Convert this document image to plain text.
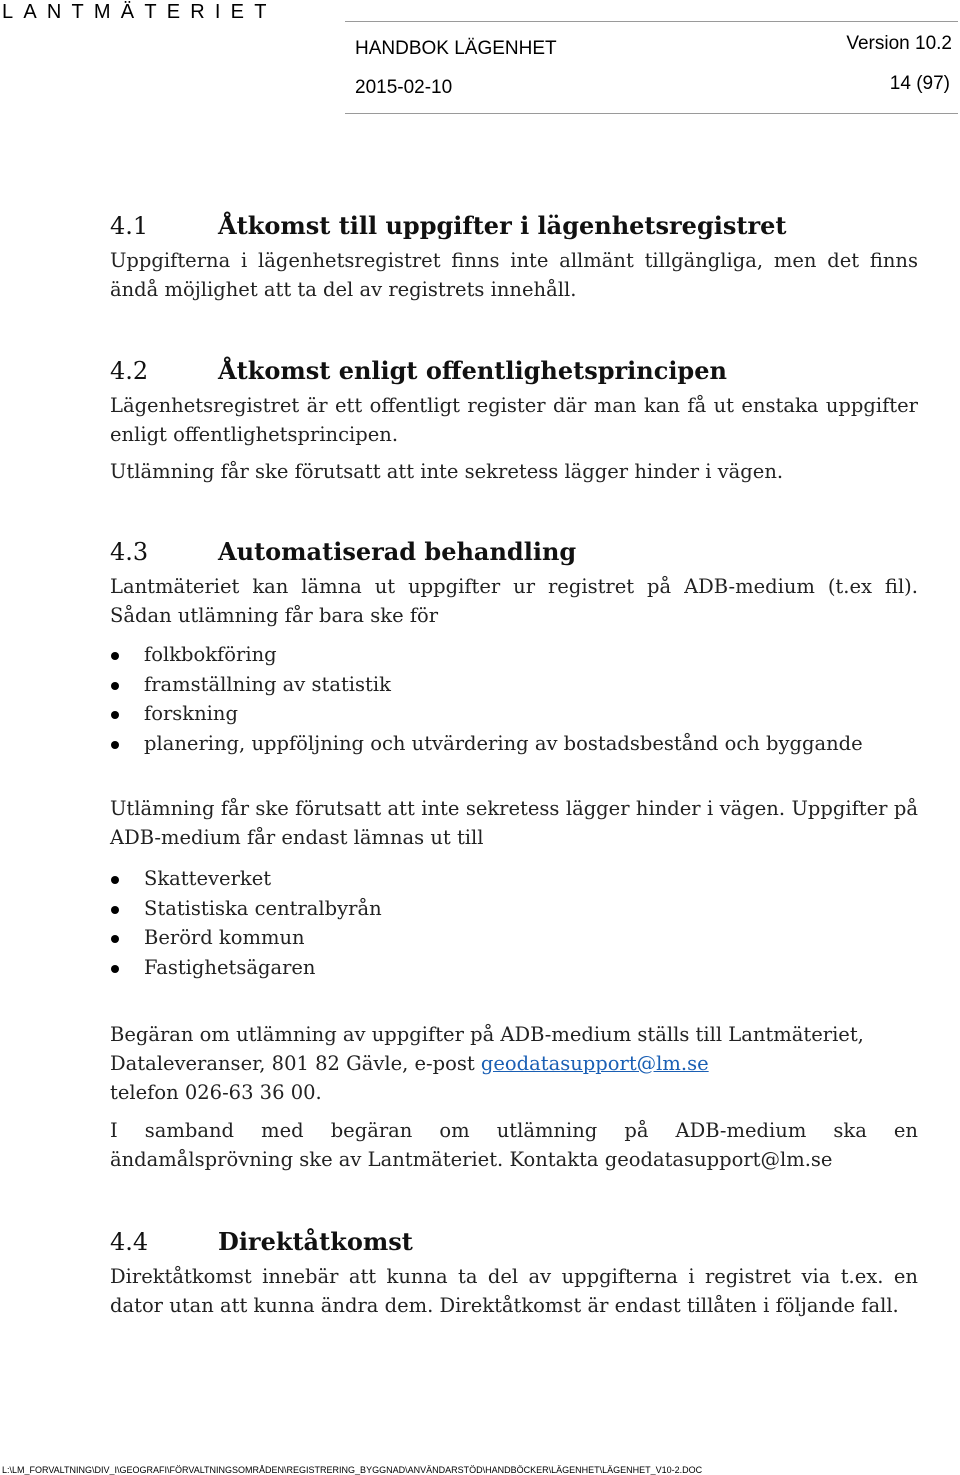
LANTMÄTERIET
HANDBOK LÄGENHET	Version 10.2
2015-02-10	14 (97)
4.1	Åtkomst till uppgifter i lägenhetsregistret

Uppgifterna i lägenhetsregistret finns inte allmänt tillgängliga, men det finns ändå möjlighet att ta del av registrets innehåll.

4.2	Åtkomst enligt offentlighetsprincipen

Lägenhetsregistret är ett offentligt register där man kan få ut enstaka uppgifter enligt offentlighetsprincipen.

Utlämning får ske förutsatt att inte sekretess lägger hinder i vägen.

4.3	Automatiserad behandling

Lantmäteriet kan lämna ut uppgifter ur registret på ADB-medium (t.ex fil). Sådan utlämning får bara ske för

folkbokföring
framställning av statistik
forskning
planering, uppföljning och utvärdering av bostadsbestånd och byggande

Utlämning får ske förutsatt att inte sekretess lägger hinder i vägen. Uppgifter på ADB-medium får endast lämnas ut till

Skatteverket
Statistiska centralbyrån
Berörd kommun
Fastighetsägaren

Begäran om utlämning av uppgifter på ADB-medium ställs till Lantmäteriet, Dataleveranser, 801 82 Gävle, e-post geodatasupport@lm.se
telefon 026-63 36 00.

I samband med begäran om utlämning på ADB-medium ska en ändamålsprövning ske av Lantmäteriet. Kontakta geodatasupport@lm.se

4.4	Direktåtkomst

Direktåtkomst innebär att kunna ta del av uppgifterna i registret via t.ex. en dator utan att kunna ändra dem. Direktåtkomst är endast tillåten i följande fall.

L:\LM_FORVALTNING\DIV_I\GEOGRAFI\FÖRVALTNINGSOMRÅDEN\REGISTRERING_BYGGNAD\ANVÄNDARSTÖD\HANDBÖCKER\LÄGENHET\LÄGENHET_V10-2.DOC
